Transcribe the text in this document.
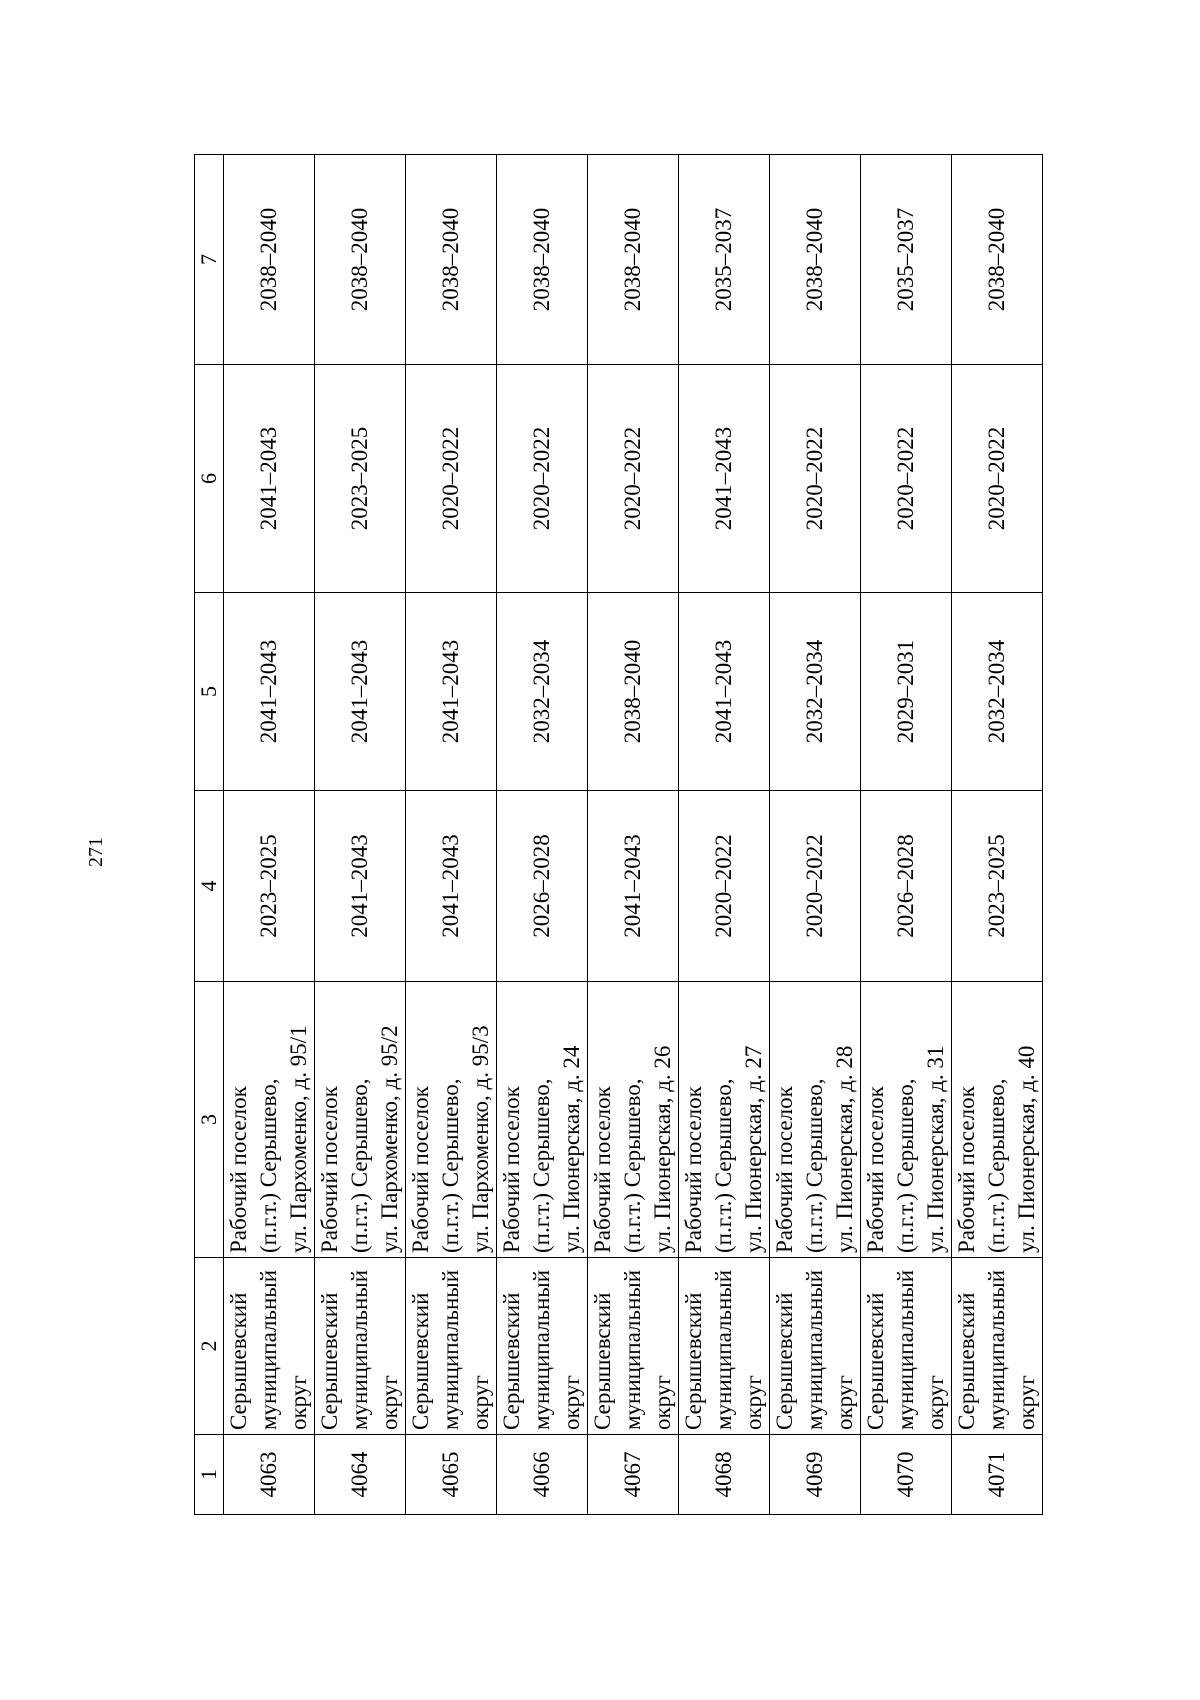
271
1	2	3	4	5	6	7
4063	Серышевский муниципальный округ	Рабочий поселок (п.г.т.) Серышево, ул. Пархоменко, д. 95/1	2023–2025	2041–2043	2041–2043	2038–2040
4064	Серышевский муниципальный округ	Рабочий поселок (п.г.т.) Серышево, ул. Пархоменко, д. 95/2	2041–2043	2041–2043	2023–2025	2038–2040
4065	Серышевский муниципальный округ	Рабочий поселок (п.г.т.) Серышево, ул. Пархоменко, д. 95/3	2041–2043	2041–2043	2020–2022	2038–2040
4066	Серышевский муниципальный округ	Рабочий поселок (п.г.т.) Серышево, ул. Пионерская, д. 24	2026–2028	2032–2034	2020–2022	2038–2040
4067	Серышевский муниципальный округ	Рабочий поселок (п.г.т.) Серышево, ул. Пионерская, д. 26	2041–2043	2038–2040	2020–2022	2038–2040
4068	Серышевский муниципальный округ	Рабочий поселок (п.г.т.) Серышево, ул. Пионерская, д. 27	2020–2022	2041–2043	2041–2043	2035–2037
4069	Серышевский муниципальный округ	Рабочий поселок (п.г.т.) Серышево, ул. Пионерская, д. 28	2020–2022	2032–2034	2020–2022	2038–2040
4070	Серышевский муниципальный округ	Рабочий поселок (п.г.т.) Серышево, ул. Пионерская, д. 31	2026–2028	2029–2031	2020–2022	2035–2037
4071	Серышевский муниципальный округ	Рабочий поселок (п.г.т.) Серышево, ул. Пионерская, д. 40	2023–2025	2032–2034	2020–2022	2038–2040
